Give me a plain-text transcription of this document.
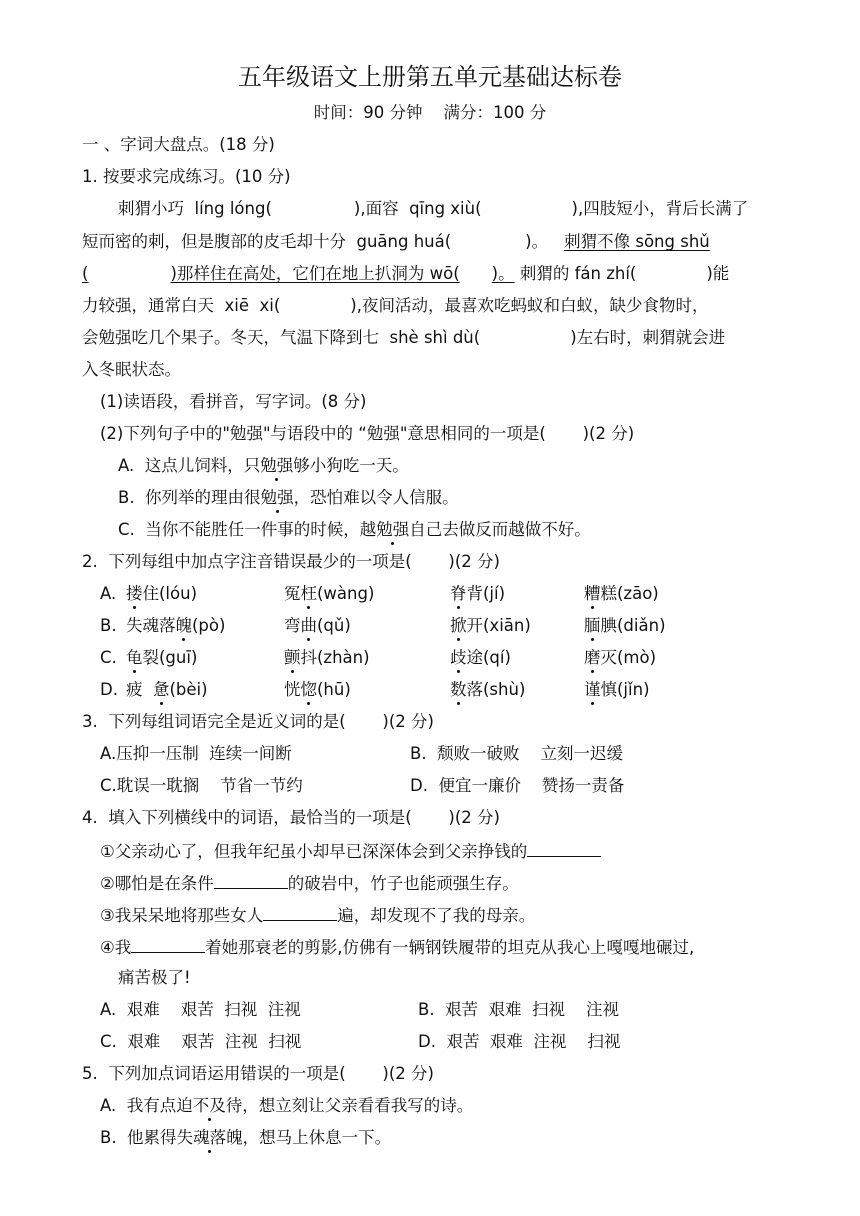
五年级语文上册第五单元基础达标卷
时间：90 分钟    满分：100 分
一 、字词大盘点。(18 分)
1. 按要求完成练习。(10 分)
刺猬小巧  líng lóng(	),面容  qīng xiù(	),四肢短小，背后长满了
短而密的刺，但是腹部的皮毛却十分  guāng huá(	)。 刺猬不像 sōng shǔ
(	)那样住在高处，它们在地上扒洞为 wō( )。 刺猬的 fán zhí(	)能
力较强，通常白天  xiē  xi(	),夜间活动，最喜欢吃蚂蚁和白蚁，缺少食物时，
会勉强吃几个果子。冬天，气温下降到七  shè shì dù(	)左右时，刺猬就会进
入冬眠状态。
(1)读语段，看拼音，写字词。(8 分)
(2)下列句子中的"勉强"与语段中的 “勉强"意思相同的一项是(       )(2 分)
A.  这点儿饲料，只勉强够小狗吃一天。
B.  你列举的理由很勉强，恐怕难以令人信服。
C.  当你不能胜任一件事的时候，越勉强自己去做反而越做不好。
2.  下列每组中加点字注音错误最少的一项是(       )(2 分)
A. 搂住(lóu)	冤枉(wàng)	脊背(jí)	糟糕(zāo)
B. 失魂落魄(pò)	弯曲(qǔ)	掀开(xiān)	腼腆(diǎn)
C. 龟裂(guī)	颤抖(zhàn)	歧途(qí)	磨灭(mò)
D. 疲  惫(bèi)	恍惚(hū)	数落(shù)	谨慎(jǐn)
3.  下列每组词语完全是近义词的是(       )(2 分)
A.压抑一压制  连续一间断	B.  颓败一破败    立刻一迟缓
C.耽误一耽搁    节省一节约	D.  便宜一廉价    赞扬一责备
4.  填入下列横线中的词语，最恰当的一项是(       )(2 分)
①父亲动心了，但我年纪虽小却早已深深体会到父亲挣钱的
②哪怕是在条件	的破岩中，竹子也能顽强生存。
③我呆呆地将那些女人	遍，却发现不了我的母亲。
④我	着她那衰老的剪影,仿佛有一辆钢铁履带的坦克从我心上嘎嘎地碾过,
痛苦极了!
A.  艰难    艰苦  扫视  注视	B.  艰苦  艰难  扫视    注视
C.  艰难    艰苦  注视  扫视	D.  艰苦  艰难  注视    扫视
5.  下列加点词语运用错误的一项是(       )(2 分)
A.  我有点迫不及待，想立刻让父亲看看我写的诗。
B.  他累得失魂落魄，想马上休息一下。
